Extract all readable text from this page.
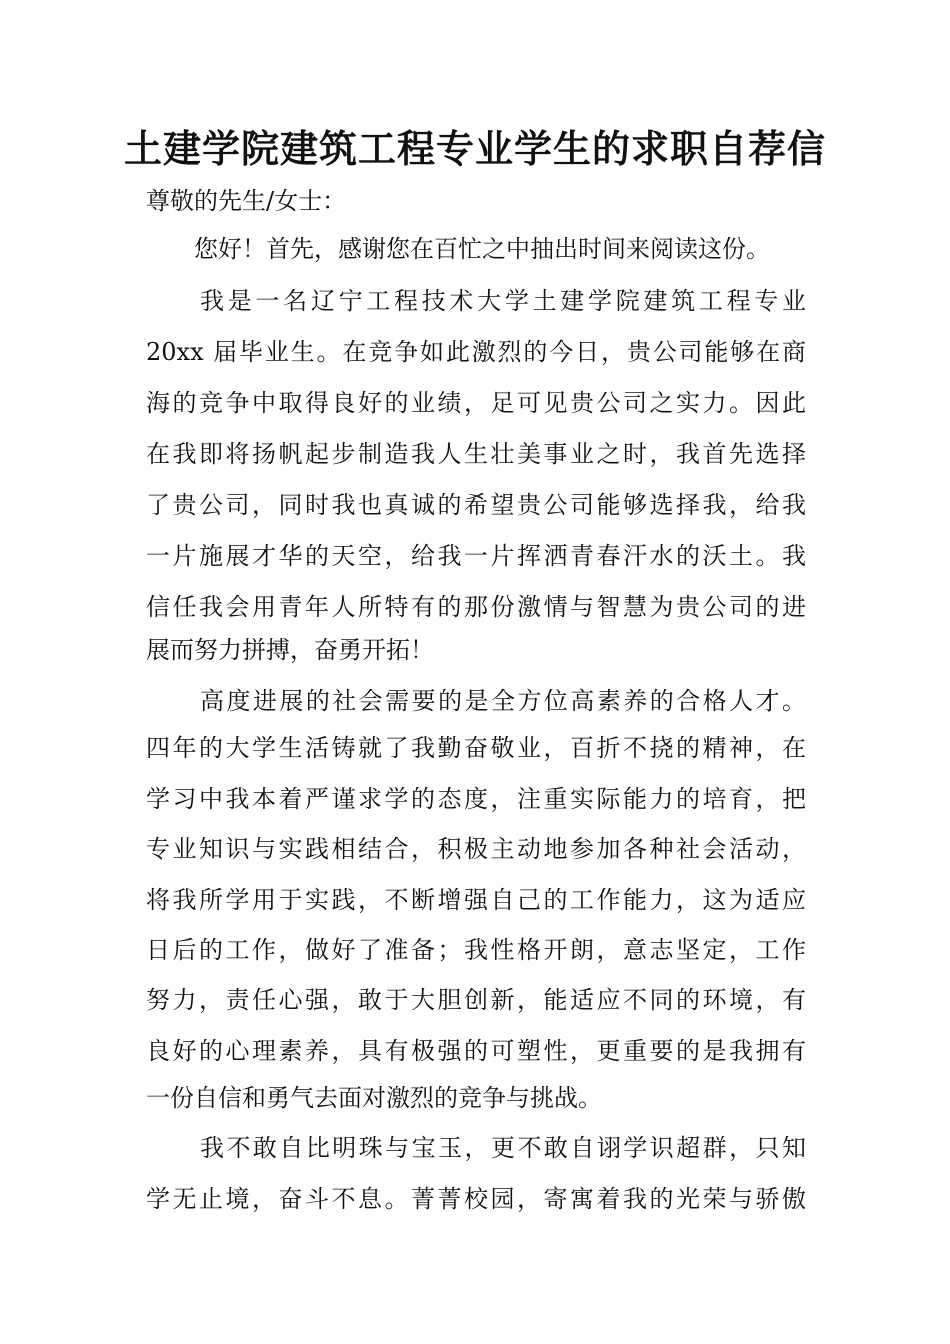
土建学院建筑工程专业学生的求职自荐信

尊敬的先生/女士：

您好！首先，感谢您在百忙之中抽出时间来阅读这份。

我是一名辽宁工程技术大学土建学院建筑工程专业

20xx 届毕业生。在竞争如此激烈的今日，贵公司能够在商

海的竞争中取得良好的业绩，足可见贵公司之实力。因此

在我即将扬帆起步制造我人生壮美事业之时，我首先选择

了贵公司，同时我也真诚的希望贵公司能够选择我，给我

一片施展才华的天空，给我一片挥洒青春汗水的沃土。我

信任我会用青年人所特有的那份激情与智慧为贵公司的进

展而努力拼搏，奋勇开拓！

高度进展的社会需要的是全方位高素养的合格人才。

四年的大学生活铸就了我勤奋敬业，百折不挠的精神，在

学习中我本着严谨求学的态度，注重实际能力的培育，把

专业知识与实践相结合，积极主动地参加各种社会活动，

将我所学用于实践，不断增强自己的工作能力，这为适应

日后的工作，做好了准备；我性格开朗，意志坚定，工作

努力，责任心强，敢于大胆创新，能适应不同的环境，有

良好的心理素养，具有极强的可塑性，更重要的是我拥有

一份自信和勇气去面对激烈的竞争与挑战。

我不敢自比明珠与宝玉，更不敢自诩学识超群，只知

学无止境，奋斗不息。菁菁校园，寄寓着我的光荣与骄傲
